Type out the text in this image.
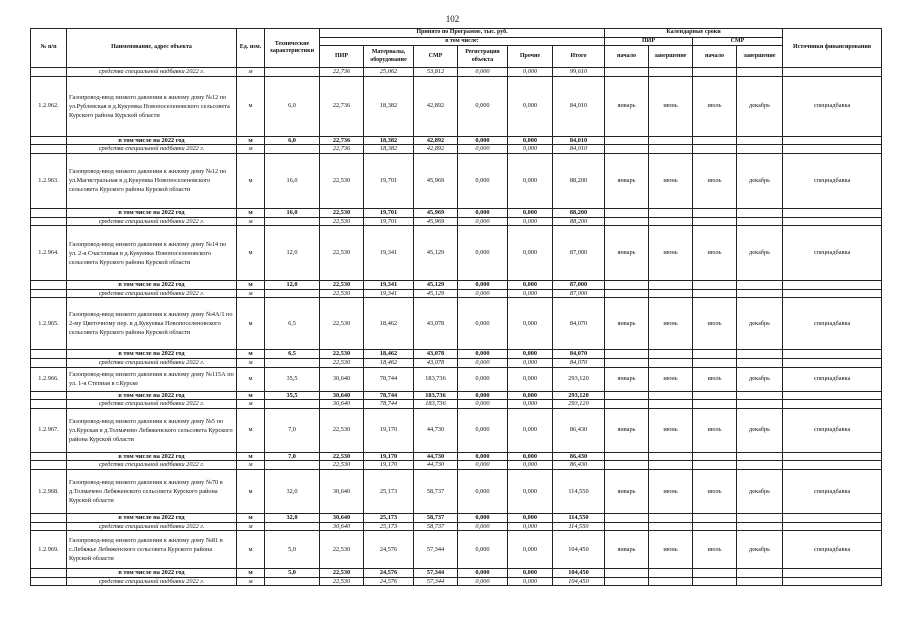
102
№ п/п	Наименование, адрес объекта	Ед. изм.	Технические характеристики	Принято по Программе, тыс. руб.						Календарные сроки				Источники финансирования
				в том числе:						ПИР		СМР		
				ПИР	Материалы, оборудование	СМР	Регистрация объекта	Прочие	Итого	начало	завершение	начало	завершение	
	средства специальной надбавки 2022 г.	м		22,736	25,062	53,812	0,000	0,000	99,610					
1.2.962.	Газопровод-ввод низкого давления к жилому дому №12 по ул.Рублевская в д.Кукуевка Новопоселеновского сельсовета Курского района Курской области	м	6,0	22,736	18,382	42,892	0,000	0,000	84,010	январь	июнь	июль	декабрь	спецнадбавка
	в том числе на 2022 год	м	6,0	22,736	18,382	42,892	0,000	0,000	84,010					
	средства специальной надбавки 2022 г.	м		22,736	18,382	42,892	0,000	0,000	84,010					
1.2.963.	Газопровод-ввод низкого давления к жилому дому №12 по ул.Магистральная в д.Кукуевка Новопоселеновского сельсовета Курского района Курской области	м	16,0	22,530	19,701	45,969	0,000	0,000	88,200	январь	июнь	июль	декабрь	спецнадбавка
	в том числе на 2022 год	м	16,0	22,530	19,701	45,969	0,000	0,000	88,200					
	средства специальной надбавки 2022 г.	м		22,530	19,701	45,969	0,000	0,000	88,200					
1.2.964.	Газопровод-ввод низкого давления к жилому дому №14 по ул. 2-я Счастливая в д.Кукуевка Новопоселеновского сельсовета Курского района Курской области	м	12,0	22,530	19,341	45,129	0,000	0,000	87,000	январь	июнь	июль	декабрь	спецнадбавка
	в том числе на 2022 год	м	12,0	22,530	19,341	45,129	0,000	0,000	87,000					
	средства специальной надбавки 2022 г.	м		22,530	19,341	45,129	0,000	0,000	87,000					
1.2.965.	Газопровод-ввод низкого давления к жилому дому №4А/1 по 2-му Цветочному пер. в д.Кукуевка Новопоселеновского сельсовета Курского района Курской области	м	6,5	22,530	18,462	43,078	0,000	0,000	84,070	январь	июнь	июль	декабрь	спецнадбавка
	в том числе на 2022 год	м	6,5	22,530	18,462	43,078	0,000	0,000	84,070					
	средства специальной надбавки 2022 г.	м		22,530	18,462	43,078	0,000	0,000	84,070					
1.2.966.	Газопровод-ввод низкого давления к жилому дому №115А по ул. 1-я Степная в г.Курске	м	35,5	30,640	78,744	183,736	0,000	0,000	293,120	январь	июнь	июль	декабрь	спецнадбавка
	в том числе на 2022 год	м	35,5	30,640	78,744	183,736	0,000	0,000	293,120					
	средства специальной надбавки 2022 г.	м		30,640	78,744	183,736	0,000	0,000	293,120					
1.2.967.	Газопровод-ввод низкого давления к жилому дому №5 по ул.Курская в д.Толмачево Лебяженского сельсовета Курского района Курской области	м	7,0	22,530	19,170	44,730	0,000	0,000	86,430	январь	июнь	июль	декабрь	спецнадбавка
	в том числе на 2022 год	м	7,0	22,530	19,170	44,730	0,000	0,000	86,430					
	средства специальной надбавки 2022 г.	м		22,530	19,170	44,730	0,000	0,000	86,430					
1.2.968.	Газопровод-ввод низкого давления к жилому дому №70 в д.Толмачево Лебяженского сельсовета Курского района Курской области	м	32,0	30,640	25,173	58,737	0,000	0,000	114,550	январь	июнь	июль	декабрь	спецнадбавка
	в том числе на 2022 год	м	32,0	30,640	25,173	58,737	0,000	0,000	114,550					
	средства специальной надбавки 2022 г.	м		30,640	25,173	58,737	0,000	0,000	114,550					
1.2.969.	Газопровод-ввод низкого давления к жилому дому №81 в с.Лебяжье Лебяженского сельсовета Курского района Курской области	м	5,0	22,530	24,576	57,344	0,000	0,000	104,450	январь	июнь	июль	декабрь	спецнадбавка
	в том числе на 2022 год	м	5,0	22,530	24,576	57,344	0,000	0,000	104,450					
	средства специальной надбавки 2022 г.	м		22,530	24,576	57,344	0,000	0,000	104,450					
